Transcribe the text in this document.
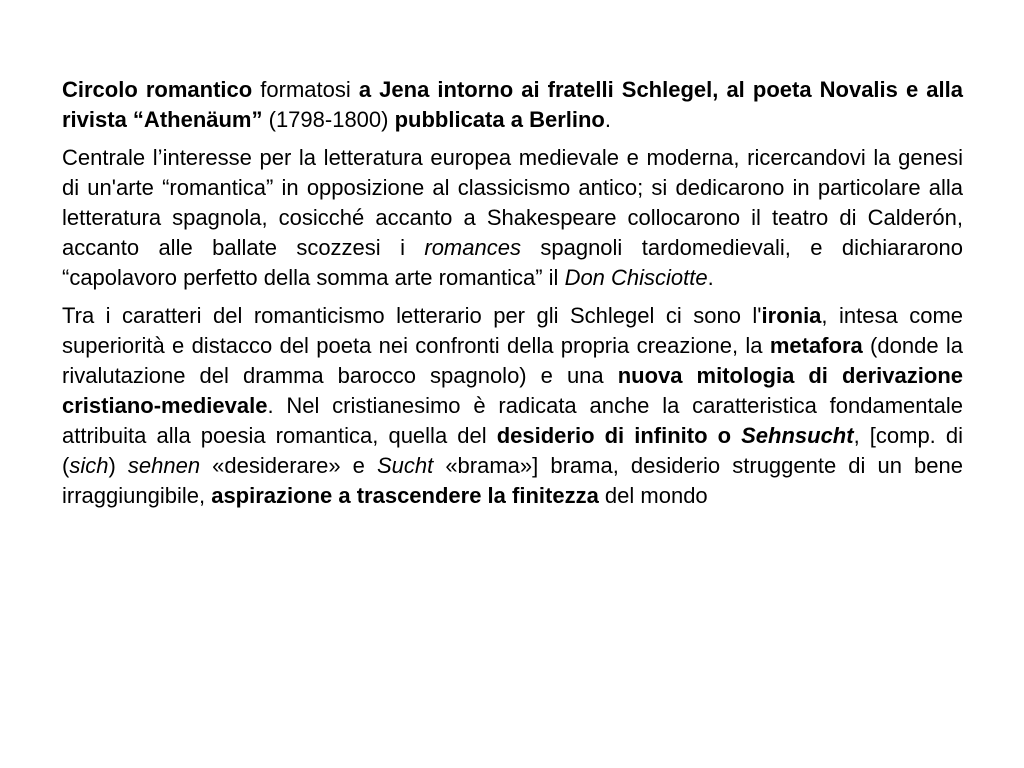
Circolo romantico formatosi a Jena intorno ai fratelli Schlegel, al poeta Novalis e alla rivista “Athenäum” (1798-1800) pubblicata a Berlino.

Centrale l’interesse per la letteratura europea medievale e moderna, ricercandovi la genesi di un'arte “romantica” in opposizione al classicismo antico; si dedicarono in particolare alla letteratura spagnola, cosicché accanto a Shakespeare collocarono il teatro di Calderón, accanto alle ballate scozzesi i romances spagnoli tardomedievali, e dichiararono “capolavoro perfetto della somma arte romantica” il Don Chisciotte.

Tra i caratteri del romanticismo letterario per gli Schlegel ci sono l'ironia, intesa come superiorità e distacco del poeta nei confronti della propria creazione, la metafora (donde la rivalutazione del dramma barocco spagnolo) e una nuova mitologia di derivazione cristiano-medievale. Nel cristianesimo è radicata anche la caratteristica fondamentale attribuita alla poesia romantica, quella del desiderio di infinito o Sehnsucht, [comp. di (sich) sehnen «desiderare» e Sucht «brama»] brama, desiderio struggente di un bene irraggiungibile, aspirazione a trascendere la finitezza del mondo
